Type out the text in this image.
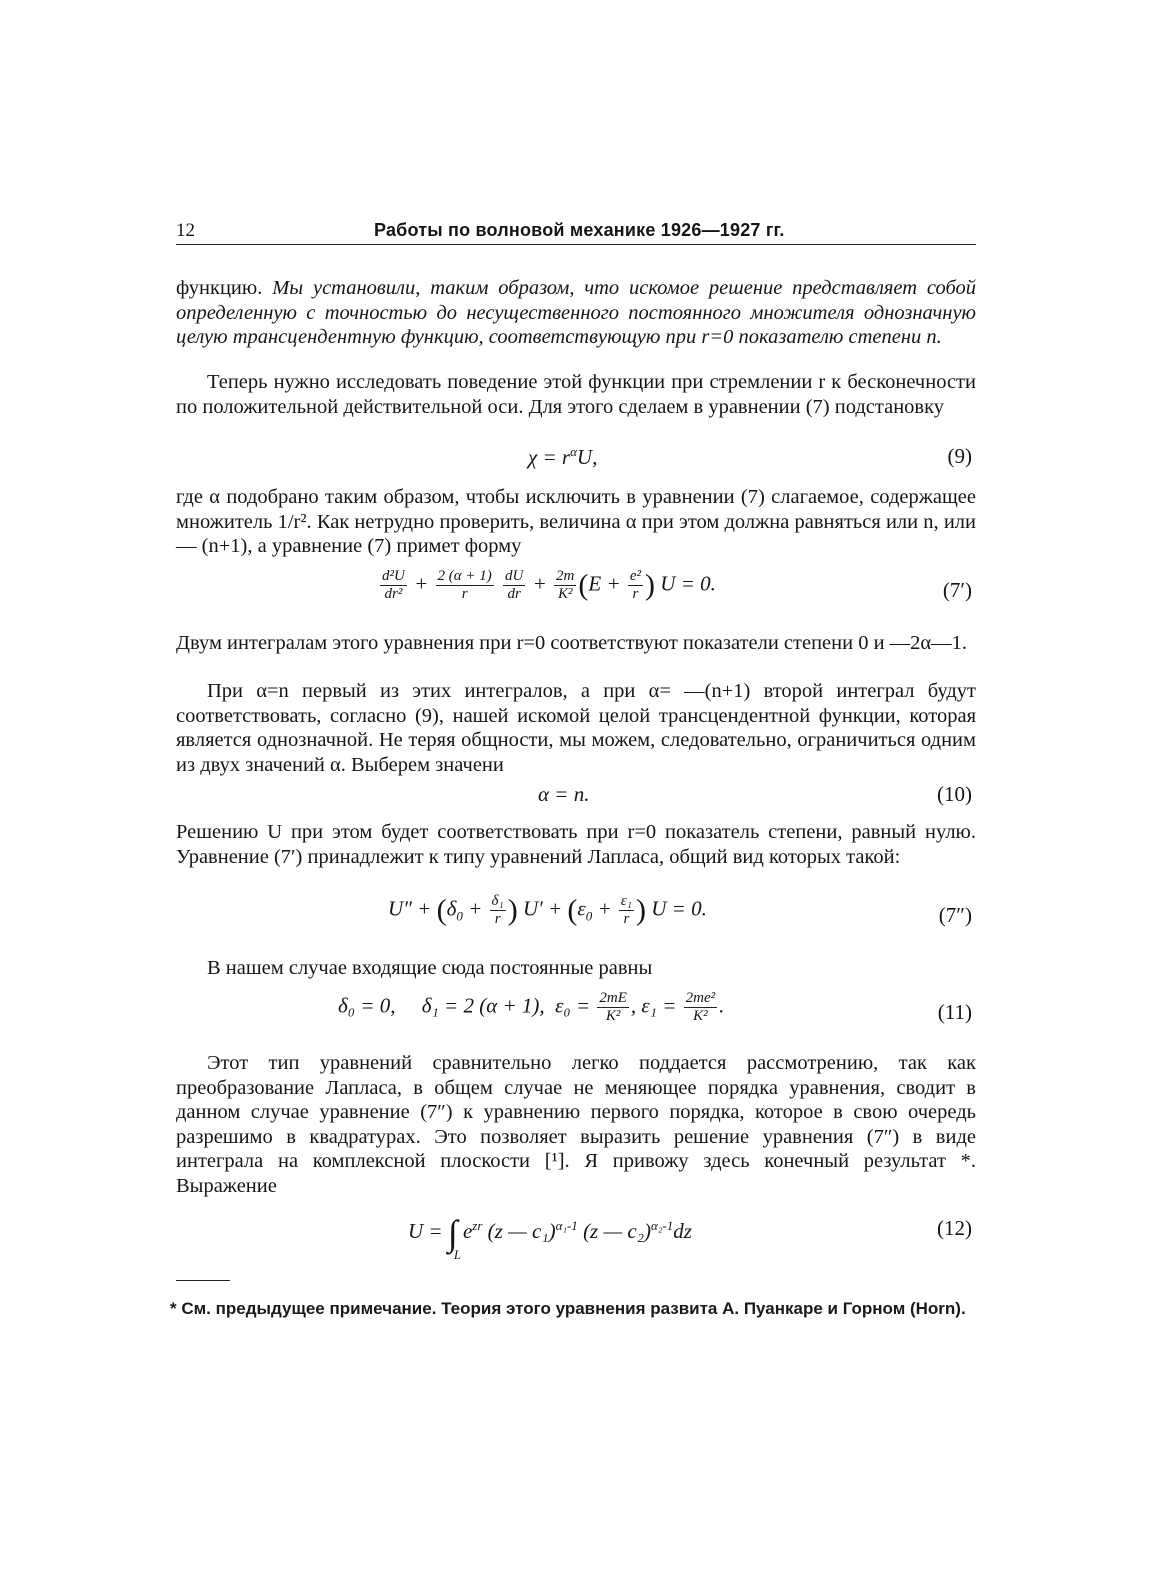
12	Работы по волновой механике 1926—1927 гг.
функцию. Мы установили, таким образом, что искомое решение представляет собой определенную с точностью до несущественного постоянного множителя однозначную целую трансцендентную функцию, соответствующую при r=0 показателю степени n.
Теперь нужно исследовать поведение этой функции при стремлении r к бесконечности по положительной действительной оси. Для этого сделаем в уравнении (7) подстановку
$\chi = r^\alpha U$,	(9)
где α подобрано таким образом, чтобы исключить в уравнении (7) слагаемое, содержащее множитель 1/r². Как нетрудно проверить, величина α при этом должна равняться или n, или — (n+1), а уравнение (7) примет форму
$\frac{\text{d²U}}{\text{dr²}} + \frac{2 (\alpha + 1)}{r}$
$\frac{dU}{dr} + \frac{2m}{\text{K²}} (E + \frac{\text{e²}}{r}$ ) U = 0.	(7′)
Двум интегралам этого уравнения при r=0 соответствуют показатели степени 0 и —2α—1.
При α=n первый из этих интегралов, а при α= —(n+1) второй интеграл будут соответствовать, согласно (9), нашей искомой целой трансцендентной функции, которая является однозначной. Не теряя общности, мы можем, следовательно, ограничиться одним из двух значений α. Выберем значени
α = n.	(10)
Решению U при этом будет соответствовать при r=0 показатель степени, равный нулю. Уравнение (7′) принадлежит к типу уравнений Лапласа, общий вид которых такой:
$U'' + (\delta_0 + \frac{\text{δ₁}}{r}$ ) $U' + (\varepsilon_0 + \frac{\text{ε₁}}{r}$ ) U = 0.	(7″)
В нашем случае входящие сюда постоянные равны
δ₀ = 0, δ₁ = 2 (α + 1), $\varepsilon_0 = \frac{2mE}{\text{K²}}$ , $\varepsilon_1 = \frac{\text{2me²}}{\text{K²}}$ .	(11)
Этот тип уравнений сравнительно легко поддается рассмотрению, так как преобразование Лапласа, в общем случае не меняющее порядка уравнения, сводит в данном случае уравнение (7″) к уравнению первого порядка, которое в свою очередь разрешимо в квадратурах. Это позволяет выразить решение уравнения (7″) в виде интеграла на комплексной плоскости [¹]. Я привожу здесь конечный результат *. Выражение
U = ∫
L
$e^{zr}$ (z — c₁)$^{\alpha_1-1}$ (z — c₂)$^{\alpha_2-1}$dz	(12)
* См. предыдущее примечание. Теория этого уравнения развита А. Пуанкаре и Горном (Horn).
